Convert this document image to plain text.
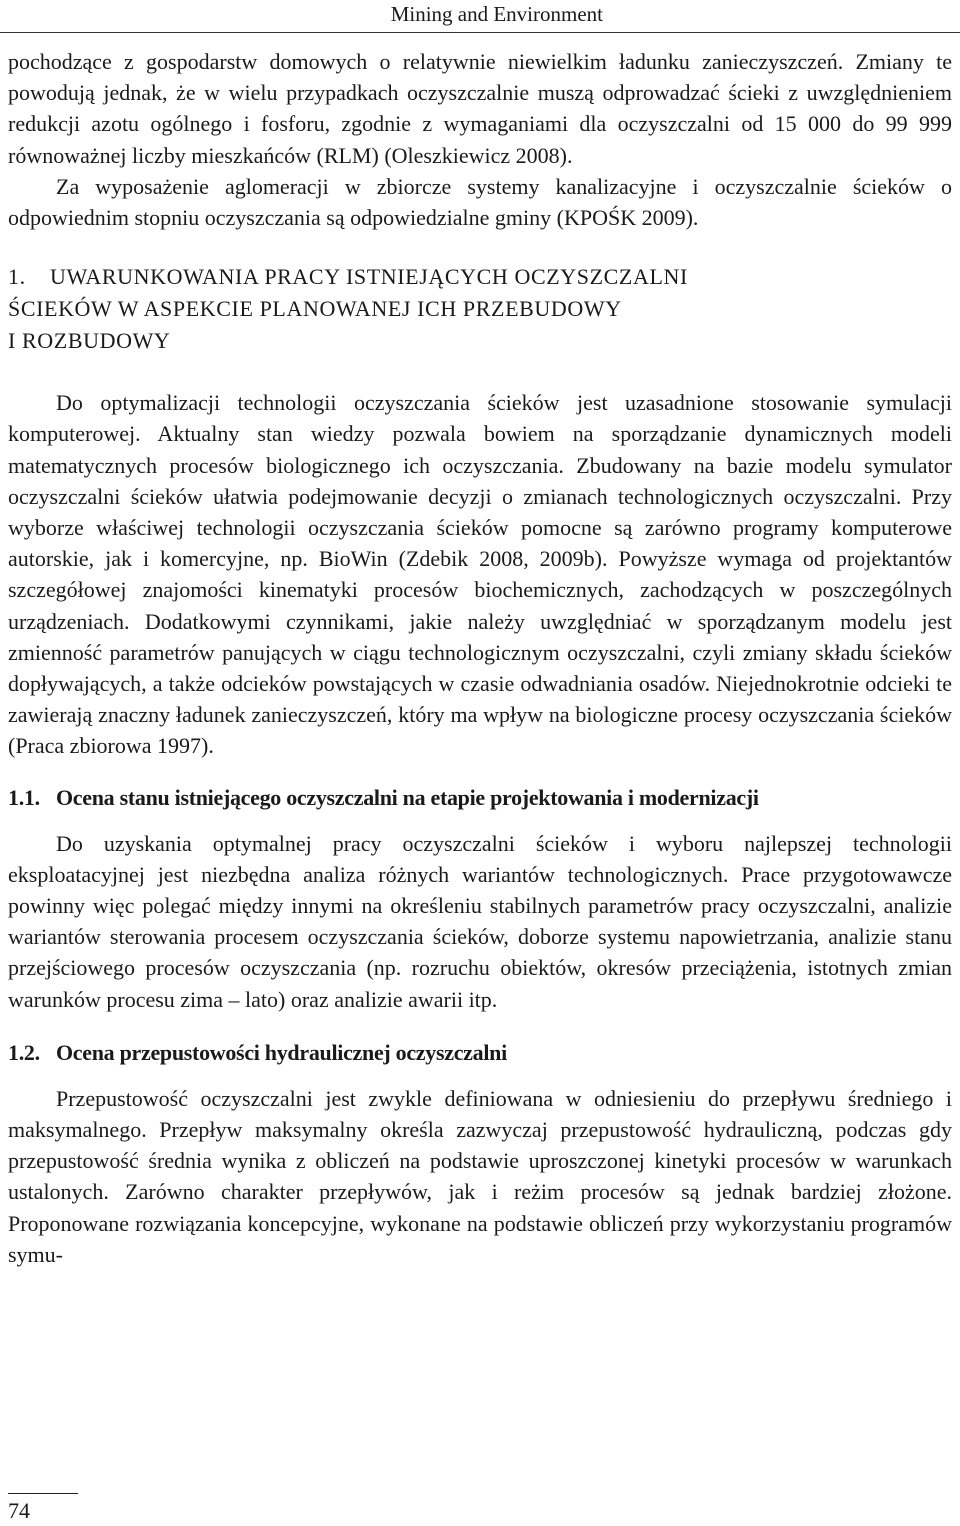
Mining and Environment

pochodzące z gospodarstw domowych o relatywnie niewielkim ładunku zanieczyszczeń. Zmiany te powodują jednak, że w wielu przypadkach oczyszczalnie muszą odprowadzać ścieki z uwzględnieniem redukcji azotu ogólnego i fosforu, zgodnie z wymaganiami dla oczyszczalni od 15 000 do 99 999 równoważnej liczby mieszkańców (RLM) (Oleszkiewicz 2008).

Za wyposażenie aglomeracji w zbiorcze systemy kanalizacyjne i oczyszczalnie ścieków o odpowiednim stopniu oczyszczania są odpowiedzialne gminy (KPOŚK 2009).

1. UWARUNKOWANIA PRACY ISTNIEJĄCYCH OCZYSZCZALNI
ŚCIEKÓW W ASPEKCIE PLANOWANEJ ICH PRZEBUDOWY
I ROZBUDOWY

Do optymalizacji technologii oczyszczania ścieków jest uzasadnione stosowanie symulacji komputerowej. Aktualny stan wiedzy pozwala bowiem na sporządzanie dynamicznych modeli matematycznych procesów biologicznego ich oczyszczania. Zbudowany na bazie modelu symulator oczyszczalni ścieków ułatwia podejmowanie decyzji o zmianach technologicznych oczyszczalni. Przy wyborze właściwej technologii oczyszczania ścieków pomocne są zarówno programy komputerowe autorskie, jak i komercyjne, np. BioWin (Zdebik 2008, 2009b). Powyższe wymaga od projektantów szczegółowej znajomości kinematyki procesów biochemicznych, zachodzących w poszczególnych urządzeniach. Dodatkowymi czynnikami, jakie należy uwzględniać w sporządzanym modelu jest zmienność parametrów panujących w ciągu technologicznym oczyszczalni, czyli zmiany składu ścieków dopływających, a także odcieków powstających w czasie odwadniania osadów. Niejednokrotnie odcieki te zawierają znaczny ładunek zanieczyszczeń, który ma wpływ na biologiczne procesy oczyszczania ścieków (Praca zbiorowa 1997).

1.1. Ocena stanu istniejącego oczyszczalni na etapie projektowania i modernizacji

Do uzyskania optymalnej pracy oczyszczalni ścieków i wyboru najlepszej technologii eksploatacyjnej jest niezbędna analiza różnych wariantów technologicznych. Prace przygotowawcze powinny więc polegać między innymi na określeniu stabilnych parametrów pracy oczyszczalni, analizie wariantów sterowania procesem oczyszczania ścieków, doborze systemu napowietrzania, analizie stanu przejściowego procesów oczyszczania (np. rozruchu obiektów, okresów przeciążenia, istotnych zmian warunków procesu zima – lato) oraz analizie awarii itp.

1.2. Ocena przepustowości hydraulicznej oczyszczalni

Przepustowość oczyszczalni jest zwykle definiowana w odniesieniu do przepływu średniego i maksymalnego. Przepływ maksymalny określa zazwyczaj przepustowość hydrauliczną, podczas gdy przepustowość średnia wynika z obliczeń na podstawie uproszczonej kinetyki procesów w warunkach ustalonych. Zarówno charakter przepływów, jak i reżim procesów są jednak bardziej złożone. Proponowane rozwiązania koncepcyjne, wykonane na podstawie obliczeń przy wykorzystaniu programów symu-

74
